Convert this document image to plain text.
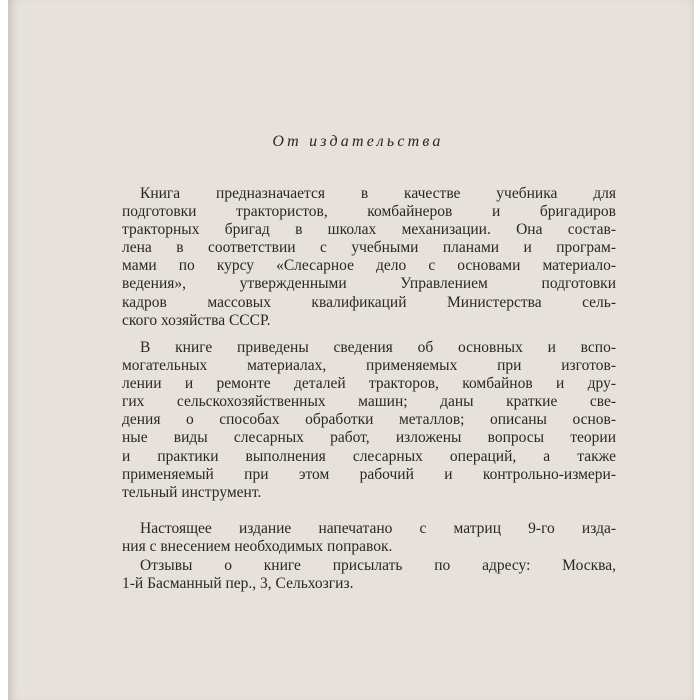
От издательства
Книга предназначается в качестве учебника для
подготовки трактористов, комбайнеров и бригадиров
тракторных бригад в школах механизации. Она состав-
лена в соответствии с учебными планами и програм-
мами по курсу «Слесарное дело с основами материало-
ведения», утвержденными Управлением подготовки
кадров массовых квалификаций Министерства сель-
ского хозяйства СССР.
В книге приведены сведения об основных и вспо-
могательных материалах, применяемых при изготов-
лении и ремонте деталей тракторов, комбайнов и дру-
гих сельскохозяйственных машин; даны краткие све-
дения о способах обработки металлов; описаны основ-
ные виды слесарных работ, изложены вопросы теории
и практики выполнения слесарных операций, а также
применяемый при этом рабочий и контрольно-измери-
тельный инструмент.
Настоящее издание напечатано с матриц 9-го изда-
ния с внесением необходимых поправок.
Отзывы о книге присылать по адресу: Москва,
1-й Басманный пер., 3, Сельхозгиз.
